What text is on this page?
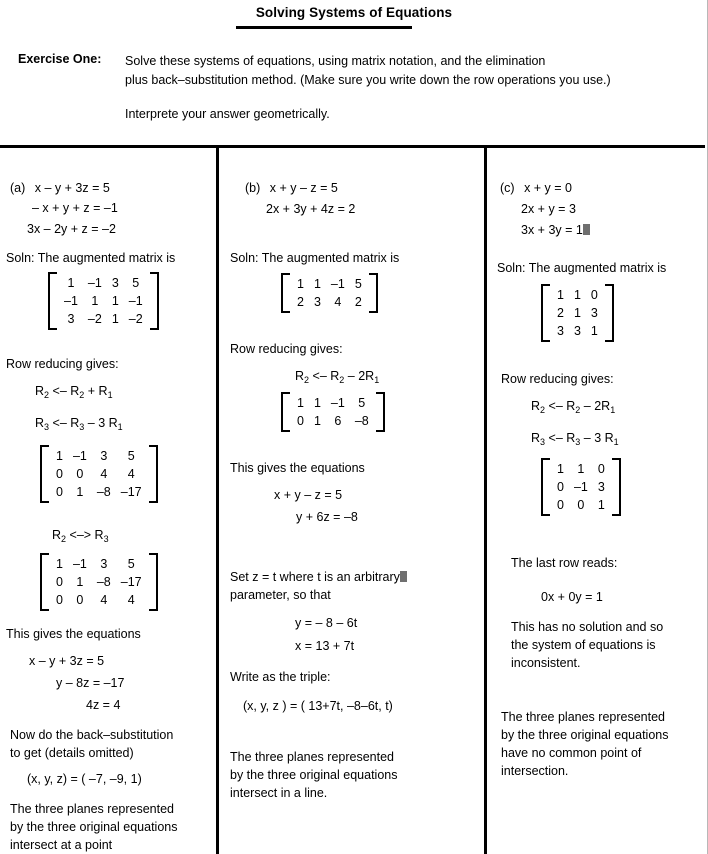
Solving Systems of Equations
Exercise One: Solve these systems of equations, using matrix notation, and the elimination
plus back–substitution method. (Make sure you write down the row operations you use.)
Interprete your answer geometrically.
(a) x – y + 3z = 5
– x + y + z = –1
3x – 2y + z = –2
Soln: The augmented matrix is
1	–1	3	5
–1	1	1	–1
3	–2	1	–2
Row reducing gives:
$R_2 <- R_2 + R_1$
$R_3 <- R_3 - 3$ $R_1$
1	–1	3	5
0	0	4	4
0	1	–8	–17
$R_2$ <–> $R_3$
1	–1	3	5
0	1	–8	–17
0	0	4	4
This gives the equations
x – y + 3z = 5
y – 8z = –17
4z = 4
Now do the back–substitution
to get (details omitted)
(x, y, z) = ( –7, –9, 1)
The three planes represented
by the three original equations
intersect at a point
(b) x + y – z = 5
2x + 3y + 4z = 2
Soln: The augmented matrix is
1	1	–1	5
2	3	4	2
Row reducing gives:
$R_2 <- R_2 - 2R_1$
1	1	–1	5
0	1	6	–8
This gives the equations
x + y – z = 5
y + 6z = –8
Set z = t where t is an arbitrary
parameter, so that
y = – 8 – 6t
x = 13 + 7t
Write as the triple:
(x, y, z ) = ( 13+7t, –8–6t, t)
The three planes represented
by the three original equations
intersect in a line.
(c) x + y = 0
2x + y = 3
3x + 3y = 1
Soln: The augmented matrix is
1	1	0
2	1	3
3	3	1
Row reducing gives:
$R_2 <- R_2 - 2R_1$
$R_3 <- R_3 - 3$ $R_1$
1	1	0
0	–1	3
0	0	1
The last row reads:
0x + 0y = 1
This has no solution and so
the system of equations is
inconsistent.
The three planes represented
by the three original equations
have no common point of
intersection.
